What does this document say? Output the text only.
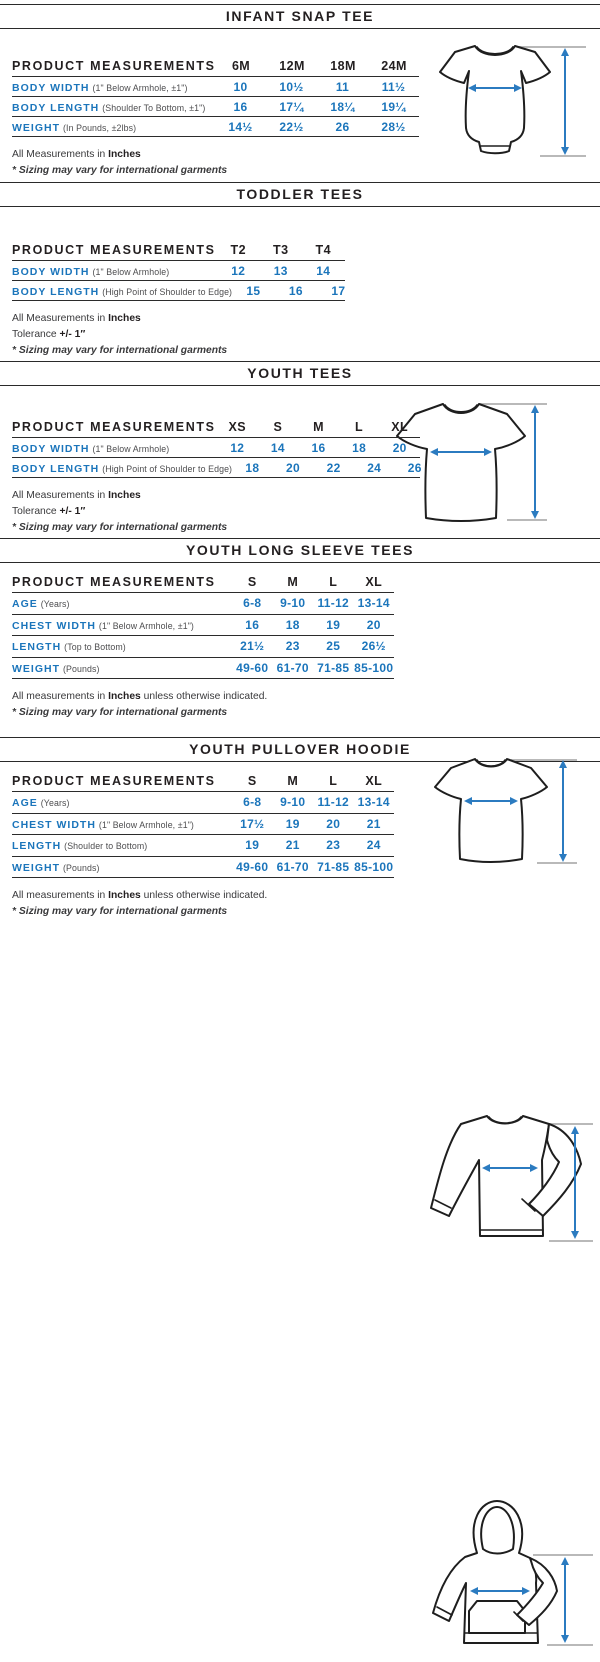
INFANT SNAP TEE
PRODUCT MEASUREMENTS	6M	12M	18M	24M
BODY WIDTH (1" Below Armhole, ±1")	10	10½	11	11½
BODY LENGTH (Shoulder To Bottom, ±1")	16	17¼	18¼	19¼
WEIGHT (In Pounds, ±2lbs)	14½	22½	26	28½
All Measurements in Inches
* Sizing may vary for international garments
TODDLER TEES
PRODUCT MEASUREMENTS	T2	T3	T4
BODY WIDTH (1" Below Armhole)	12	13	14
BODY LENGTH (High Point of Shoulder to Edge)	15	16	17
All Measurements in Inches
Tolerance +/- 1″
* Sizing may vary for international garments
YOUTH TEES
PRODUCT MEASUREMENTS	XS	S	M	L	XL
BODY WIDTH (1" Below Armhole)	12	14	16	18	20
BODY LENGTH (High Point of Shoulder to Edge)	18	20	22	24	26
All Measurements in Inches
Tolerance +/- 1″
* Sizing may vary for international garments
YOUTH LONG SLEEVE TEES
PRODUCT MEASUREMENTS	S	M	L	XL
AGE (Years)	6-8	9-10	11-12 13-14
CHEST WIDTH (1" Below Armhole, ±1")	16	18	19	20
LENGTH (Top to Bottom)	21½	23	25	26½
WEIGHT (Pounds)	49-60 61-70 71-85 85-100
All measurements in Inches unless otherwise indicated.
* Sizing may vary for international garments
YOUTH PULLOVER HOODIE
PRODUCT MEASUREMENTS	S	M	L	XL
AGE (Years)	6-8	9-10	11-12 13-14
CHEST WIDTH (1" Below Armhole, ±1")	17½	19	20	21
LENGTH (Shoulder to Bottom)	19	21	23	24
WEIGHT (Pounds)	49-60 61-70 71-85 85-100
All measurements in Inches unless otherwise indicated.
* Sizing may vary for international garments
